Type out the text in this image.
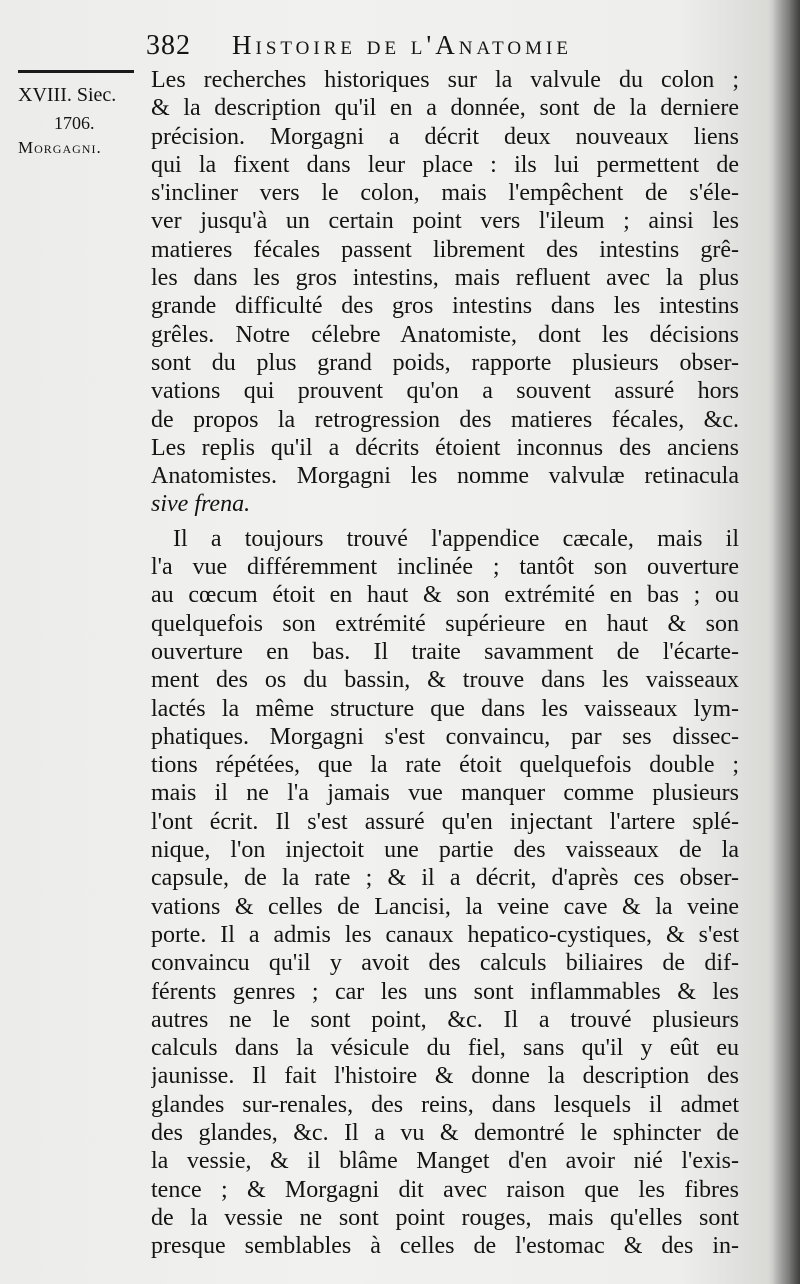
382 Histoire de l'Anatomie
XVIII. Siec.
1706.
Morgagni.
Les recherches historiques sur la valvule du colon ;
& la description qu'il en a donnée, sont de la derniere
précision. Morgagni a décrit deux nouveaux liens
qui la fixent dans leur place : ils lui permettent de
s'incliner vers le colon, mais l'empêchent de s'éle-
ver jusqu'à un certain point vers l'ileum ; ainsi les
matieres fécales passent librement des intestins grê-
les dans les gros intestins, mais refluent avec la plus
grande difficulté des gros intestins dans les intestins
grêles. Notre célebre Anatomiste, dont les décisions
sont du plus grand poids, rapporte plusieurs obser-
vations qui prouvent qu'on a souvent assuré hors
de propos la retrogression des matieres fécales, &c.
Les replis qu'il a décrits étoient inconnus des anciens
Anatomistes. Morgagni les nomme valvulæ retinacula
sive frena.
Il a toujours trouvé l'appendice cæcale, mais il
l'a vue différemment inclinée ; tantôt son ouverture
au cœcum étoit en haut & son extrémité en bas ; ou
quelquefois son extrémité supérieure en haut & son
ouverture en bas. Il traite savamment de l'écarte-
ment des os du bassin, & trouve dans les vaisseaux
lactés la même structure que dans les vaisseaux lym-
phatiques. Morgagni s'est convaincu, par ses dissec-
tions répétées, que la rate étoit quelquefois double ;
mais il ne l'a jamais vue manquer comme plusieurs
l'ont écrit. Il s'est assuré qu'en injectant l'artere splé-
nique, l'on injectoit une partie des vaisseaux de la
capsule, de la rate ; & il a décrit, d'après ces obser-
vations & celles de Lancisi, la veine cave & la veine
porte. Il a admis les canaux hepatico-cystiques, & s'est
convaincu qu'il y avoit des calculs biliaires de dif-
férents genres ; car les uns sont inflammables & les
autres ne le sont point, &c. Il a trouvé plusieurs
calculs dans la vésicule du fiel, sans qu'il y eût eu
jaunisse. Il fait l'histoire & donne la description des
glandes sur-renales, des reins, dans lesquels il admet
des glandes, &c. Il a vu & demontré le sphincter de
la vessie, & il blâme Manget d'en avoir nié l'exis-
tence ; & Morgagni dit avec raison que les fibres
de la vessie ne sont point rouges, mais qu'elles sont
presque semblables à celles de l'estomac & des in-
